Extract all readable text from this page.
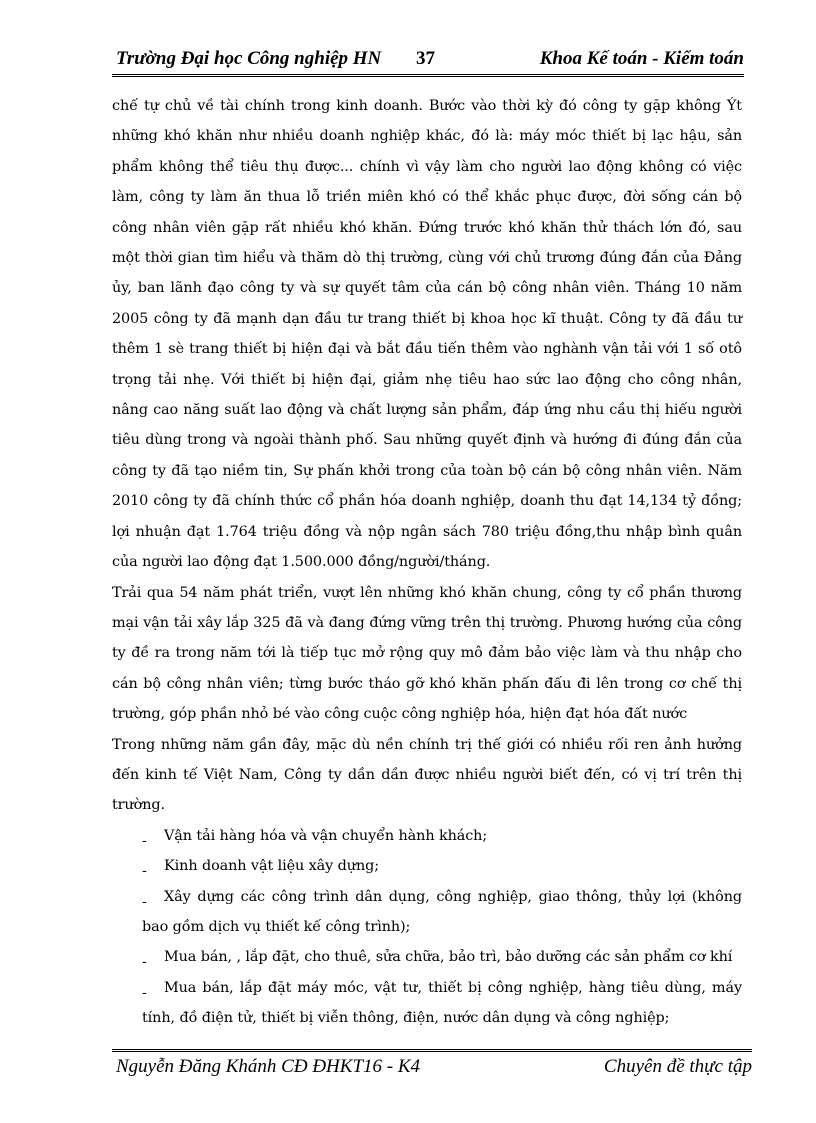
Trường Đại học Công nghiệp HN 37	Khoa Kế toán - Kiểm toán

chế tự chủ về tài chính trong kinh doanh. Bước vào thời kỳ đó công ty gặp không Ýt những khó khăn như nhiều doanh nghiệp khác, đó là: máy móc thiết bị lạc hậu, sản phẩm không thể tiêu thụ được... chính vì vậy làm cho người lao động không có việc làm, công ty làm ăn thua lỗ triền miên khó có thể khắc phục được, đời sống cán bộ công nhân viên gặp rất nhiều khó khăn. Đứng trước khó khăn thử thách lớn đó, sau một thời gian tìm hiểu và thăm dò thị trường, cùng với chủ trương đúng đắn của Đảng ủy, ban lãnh đạo công ty và sự quyết tâm của cán bộ công nhân viên. Tháng 10 năm 2005 công ty đã mạnh dạn đầu tư trang thiết bị khoa học kĩ thuật. Công ty đã đầu tư thêm 1 sè trang thiết bị hiện đại và bắt đầu tiến thêm vào nghành vận tải với 1 số otô trọng tải nhẹ. Với thiết bị hiện đại, giảm nhẹ tiêu hao sức lao động cho công nhân, nâng cao năng suất lao động và chất lượng sản phẩm, đáp ứng nhu cầu thị hiếu người tiêu dùng trong và ngoài thành phố. Sau những quyết định và hướng đi đúng đắn của công ty đã tạo niềm tin, Sự phấn khởi trong của toàn bộ cán bộ công nhân viên. Năm 2010 công ty đã chính thức cổ phần hóa doanh nghiệp, doanh thu đạt 14,134 tỷ đồng; lợi nhuận đạt 1.764 triệu đồng và nộp ngân sách 780 triệu đồng,thu nhập bình quân của người lao động đạt 1.500.000 đồng/người/tháng.

Trải qua 54 năm phát triển, vượt lên những khó khăn chung, công ty cổ phần thương mại vận tải xây lắp 325 đã và đang đứng vững trên thị trường. Phương hướng của công ty đề ra trong năm tới là tiếp tục mở rộng quy mô đảm bảo việc làm và thu nhập cho cán bộ công nhân viên; từng bước tháo gỡ khó khăn phấn đấu đi lên trong cơ chế thị trường, góp phần nhỏ bé vào công cuộc công nghiệp hóa, hiện đạt hóa đất nước

Trong những năm gần đây, mặc dù nền chính trị thế giới có nhiều rối ren ảnh hưởng đến kinh tế Việt Nam, Công ty dần dần được nhiều người biết đến, có vị trí trên thị trường.

- Vận tải hàng hóa và vận chuyển hành khách;

- Kinh doanh vật liệu xây dựng;

- Xây dựng các công trình dân dụng, công nghiệp, giao thông, thủy lợi (không bao gồm dịch vụ thiết kế công trình);

- Mua bán, , lắp đặt, cho thuê, sửa chữa, bảo trì, bảo dưỡng các sản phẩm cơ khí

- Mua bán, lắp đặt máy móc, vật tư, thiết bị công nghiệp, hàng tiêu dùng, máy tính, đồ điện tử, thiết bị viễn thông, điện, nước dân dụng và công nghiệp;

Nguyễn Đăng Khánh CĐ ĐHKT16 - K4	Chuyên đề thực tập
